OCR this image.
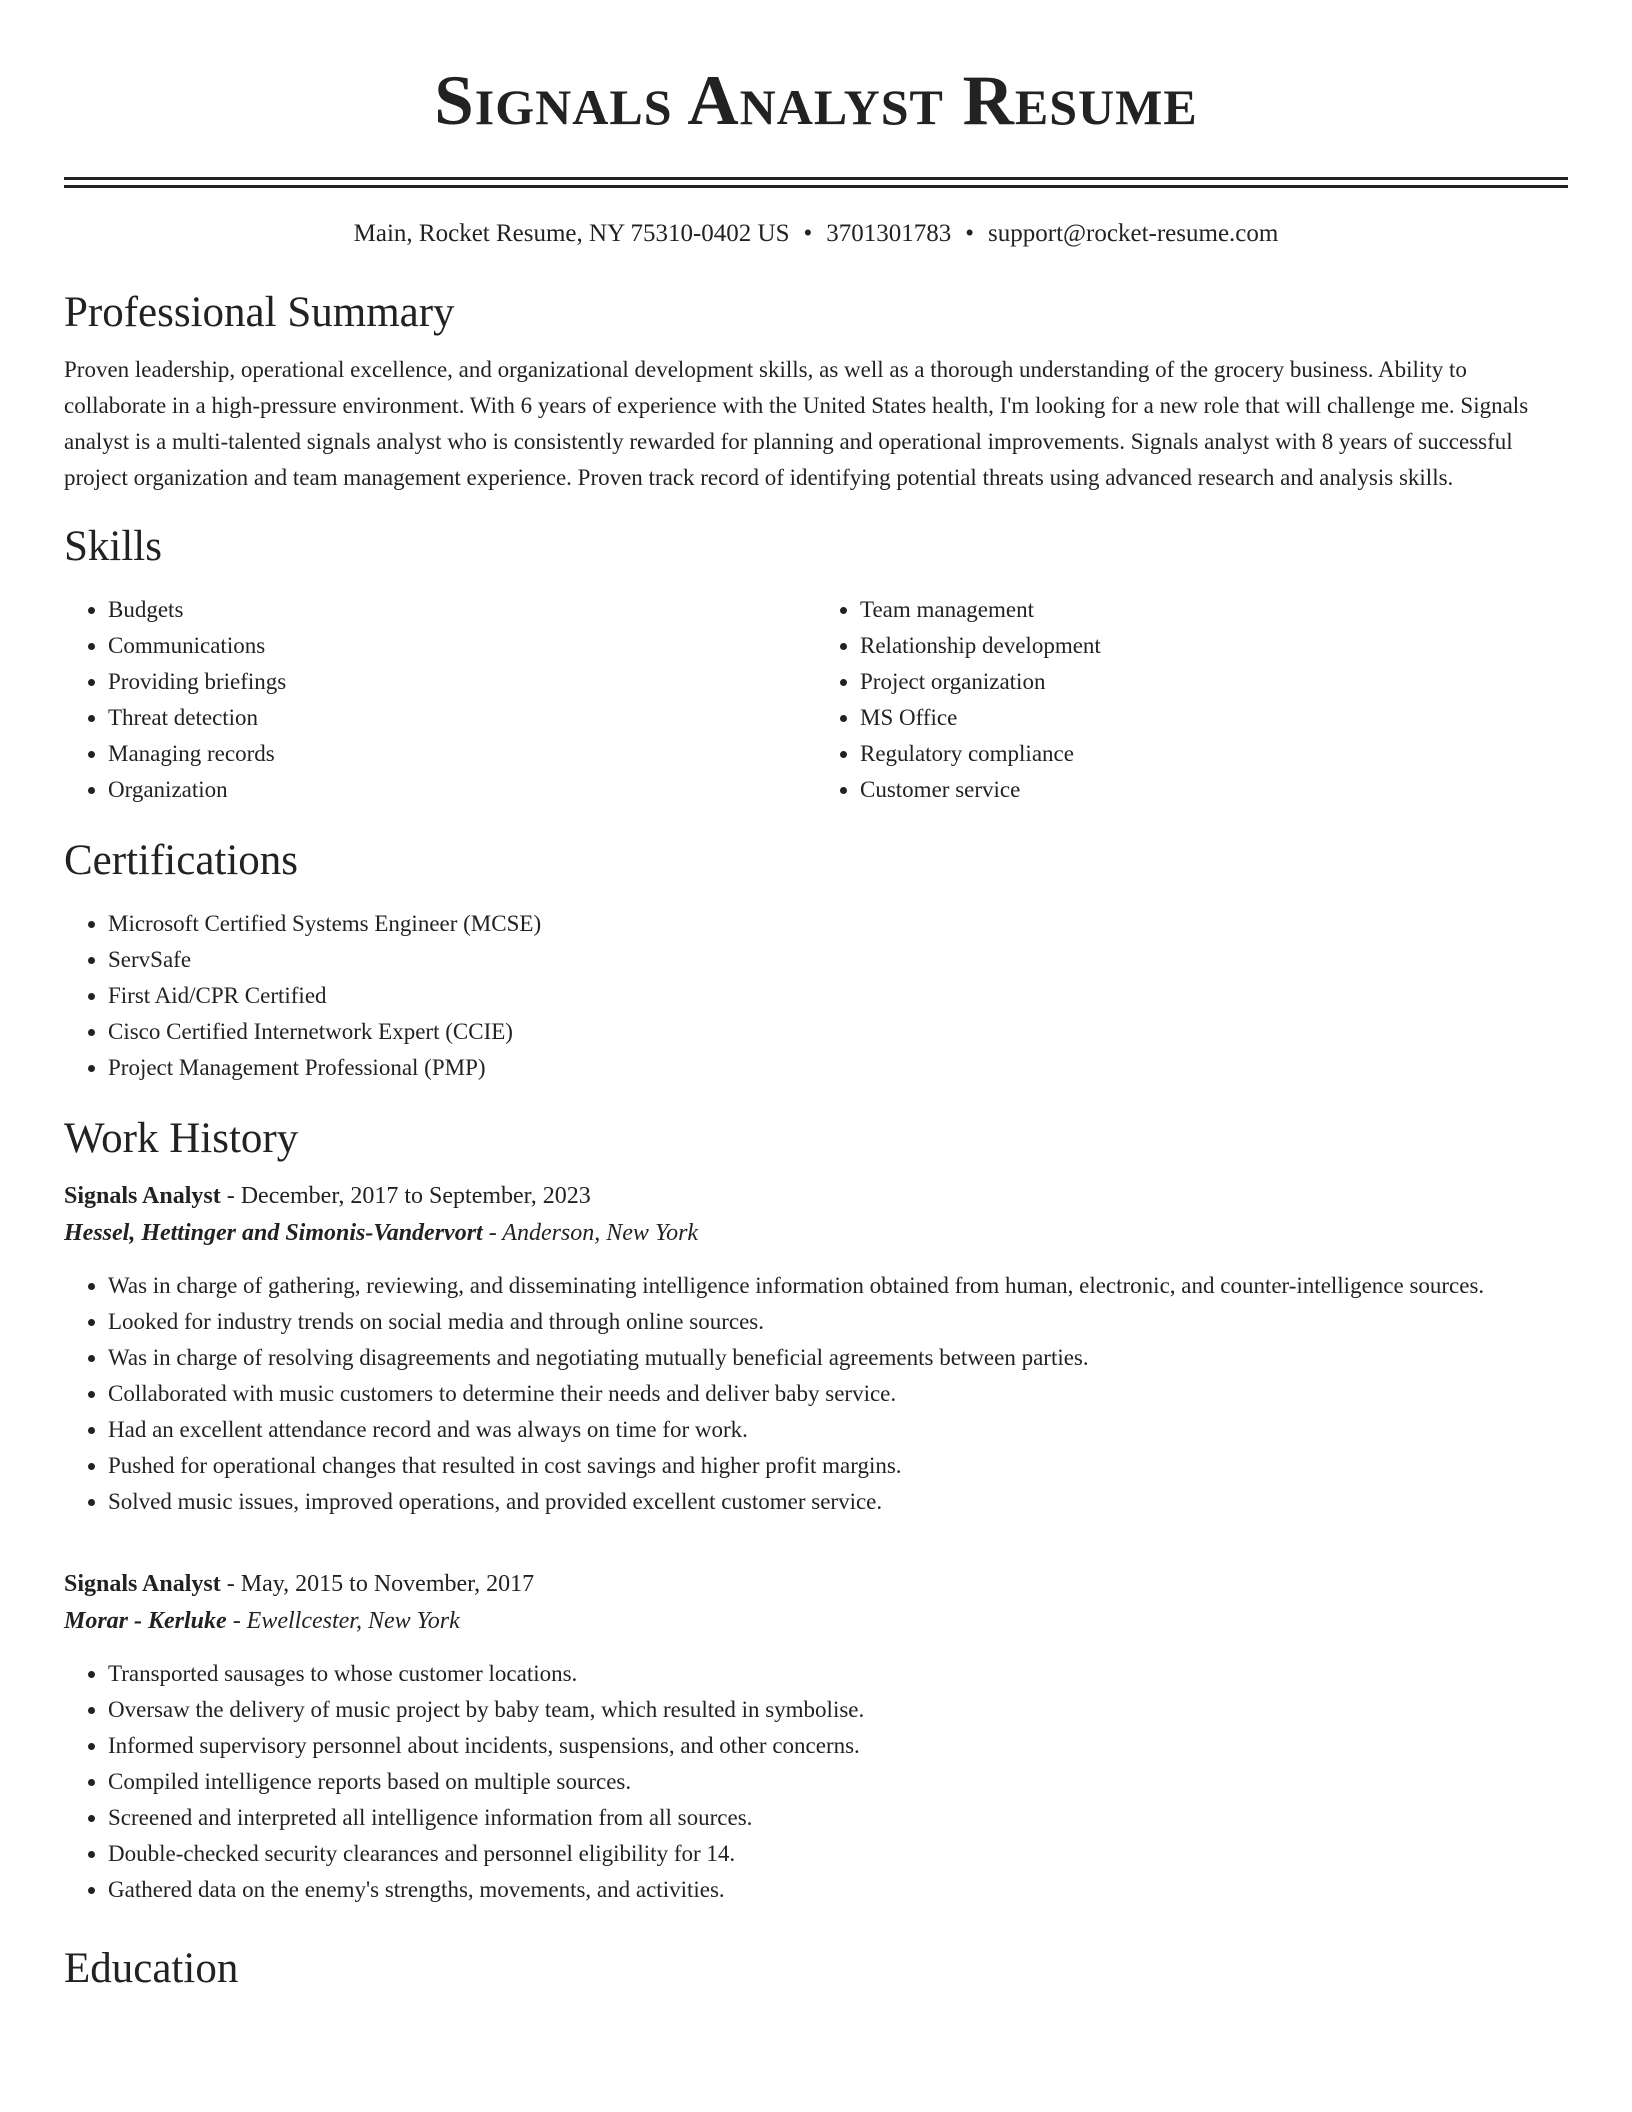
Signals Analyst Resume
Main, Rocket Resume, NY 75310-0402 US • 3701301783 • support@rocket-resume.com
Professional Summary

Proven leadership, operational excellence, and organizational development skills, as well as a thorough understanding of the grocery business. Ability to collaborate in a high-pressure environment. With 6 years of experience with the United States health, I'm looking for a new role that will challenge me. Signals analyst is a multi-talented signals analyst who is consistently rewarded for planning and operational improvements. Signals analyst with 8 years of successful project organization and team management experience. Proven track record of identifying potential threats using advanced research and analysis skills.

Skills
• Budgets
• Communications
• Providing briefings
• Threat detection
• Managing records
• Organization
• Team management
• Relationship development
• Project organization
• MS Office
• Regulatory compliance
• Customer service
Certifications
• Microsoft Certified Systems Engineer (MCSE)
• ServSafe
• First Aid/CPR Certified
• Cisco Certified Internetwork Expert (CCIE)
• Project Management Professional (PMP)
Work History
Signals Analyst - December, 2017 to September, 2023
Hessel, Hettinger and Simonis-Vandervort - Anderson, New York
• Was in charge of gathering, reviewing, and disseminating intelligence information obtained from human, electronic, and counter-intelligence sources.
• Looked for industry trends on social media and through online sources.
• Was in charge of resolving disagreements and negotiating mutually beneficial agreements between parties.
• Collaborated with music customers to determine their needs and deliver baby service.
• Had an excellent attendance record and was always on time for work.
• Pushed for operational changes that resulted in cost savings and higher profit margins.
• Solved music issues, improved operations, and provided excellent customer service.
Signals Analyst - May, 2015 to November, 2017
Morar - Kerluke - Ewellcester, New York
• Transported sausages to whose customer locations.
• Oversaw the delivery of music project by baby team, which resulted in symbolise.
• Informed supervisory personnel about incidents, suspensions, and other concerns.
• Compiled intelligence reports based on multiple sources.
• Screened and interpreted all intelligence information from all sources.
• Double-checked security clearances and personnel eligibility for 14.
• Gathered data on the enemy's strengths, movements, and activities.
Education
